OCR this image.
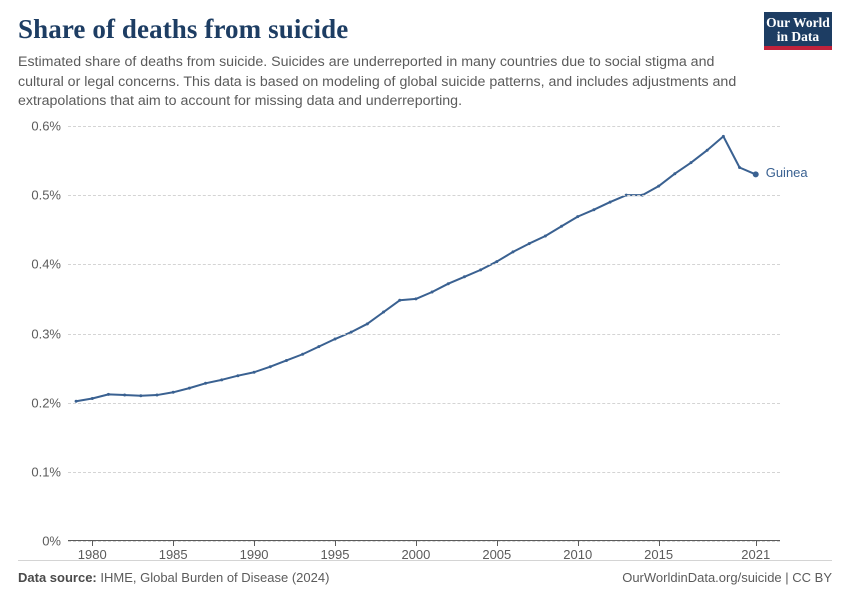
Share of deaths from suicide

Estimated share of deaths from suicide. Suicides are underreported in many countries due to social stigma and cultural or legal concerns. This data is based on modeling of global suicide patterns, and includes adjustments and extrapolations that aim to account for missing data and underreporting.

Our World
in Data
0%
0.1%
0.2%
0.3%
0.4%
0.5%
0.6%
1980	1985	1990	1995	2000	2005	2010	2015	2021
Guinea
Data source: IHME, Global Burden of Disease (2024)	OurWorldinData.org/suicide | CC BY
